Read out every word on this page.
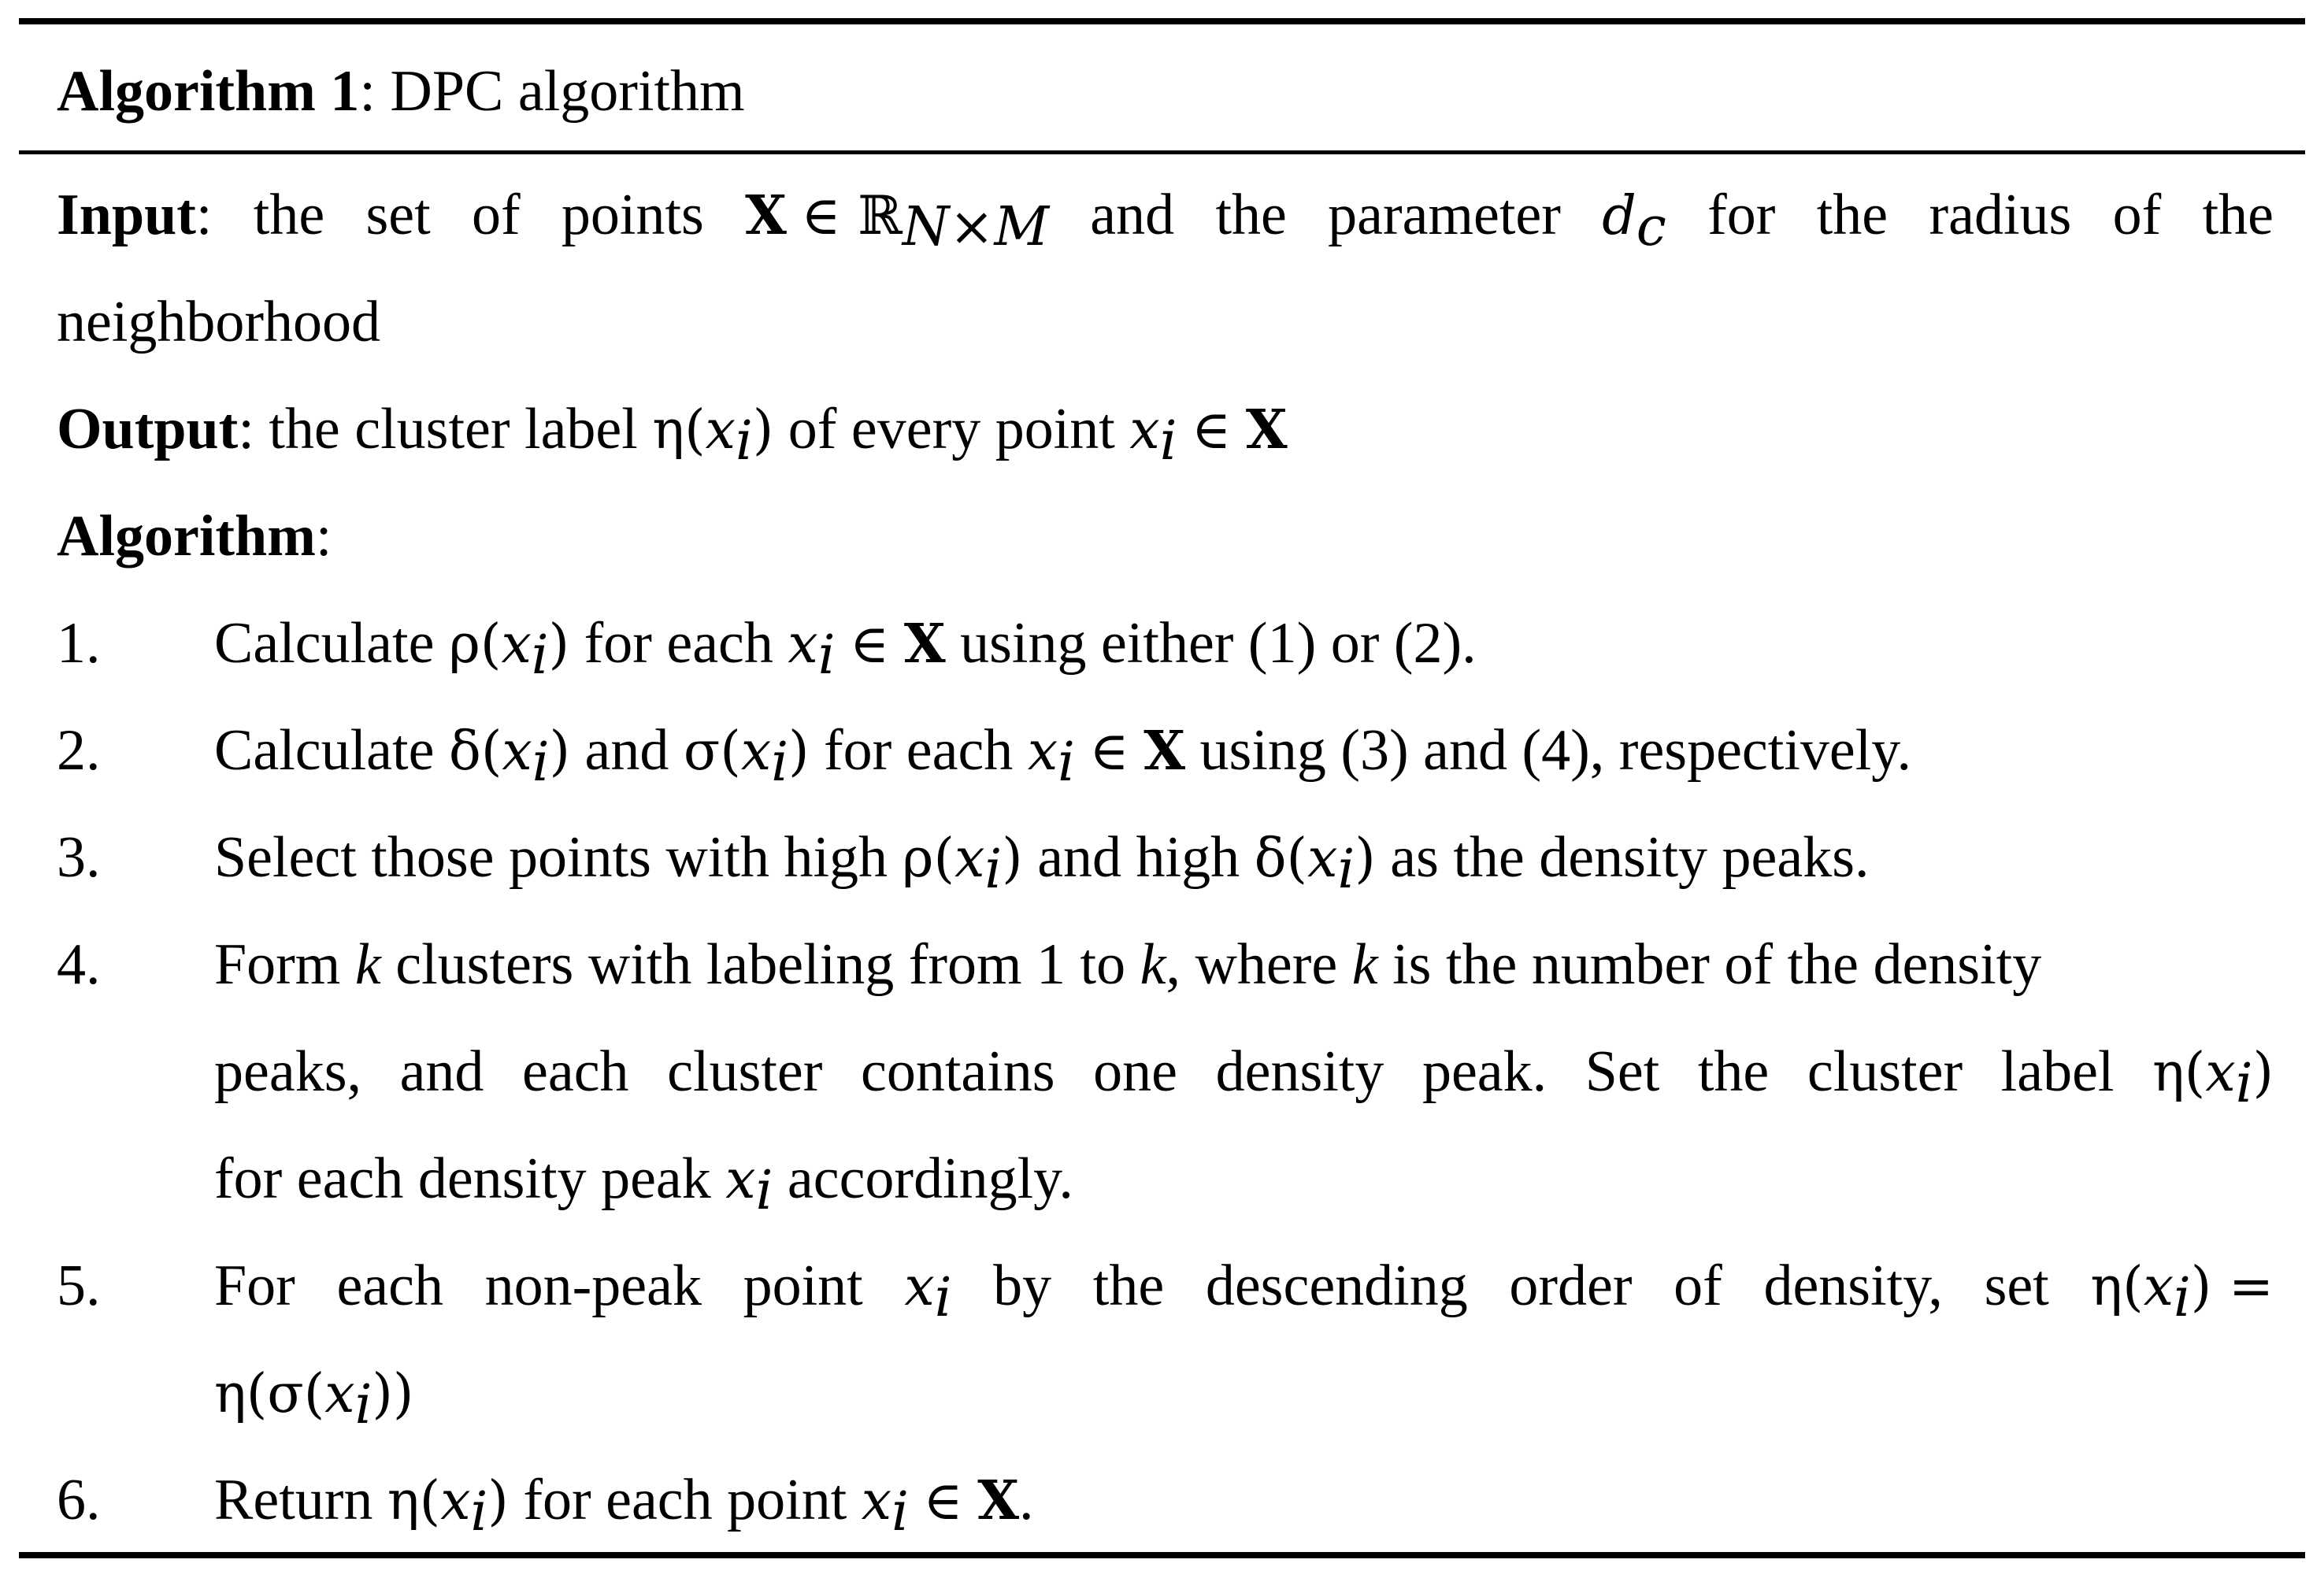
Algorithm 1: DPC algorithm
Input: the set of points X ∈ ℝ$_{N\times M}$ and the parameter $d_c$ for the radius of the
neighborhood
Output: the cluster label $\eta(x_i)$ of every point $x_i$ ∈ X
Algorithm:
1. Calculate $\rho(x_i)$ for each $x_i$ ∈ X using either (1) or (2).
2. Calculate $\delta(x_i)$ and $\sigma(x_i)$ for each $x_i$ ∈ X using (3) and (4), respectively.
3. Select those points with high $\rho(x_i)$ and high $\delta(x_i)$ as the density peaks.
4. Form k clusters with labeling from 1 to k, where k is the number of the density
peaks, and each cluster contains one density peak. Set the cluster label $\eta(x_i)$
for each density peak $x_i$ accordingly.
5. For each non-peak point $x_i$ by the descending order of density, set $\eta(x_i)$ =
$\eta(\sigma(x_i))$
6. Return $\eta(x_i)$ for each point $x_i$ ∈ X.
